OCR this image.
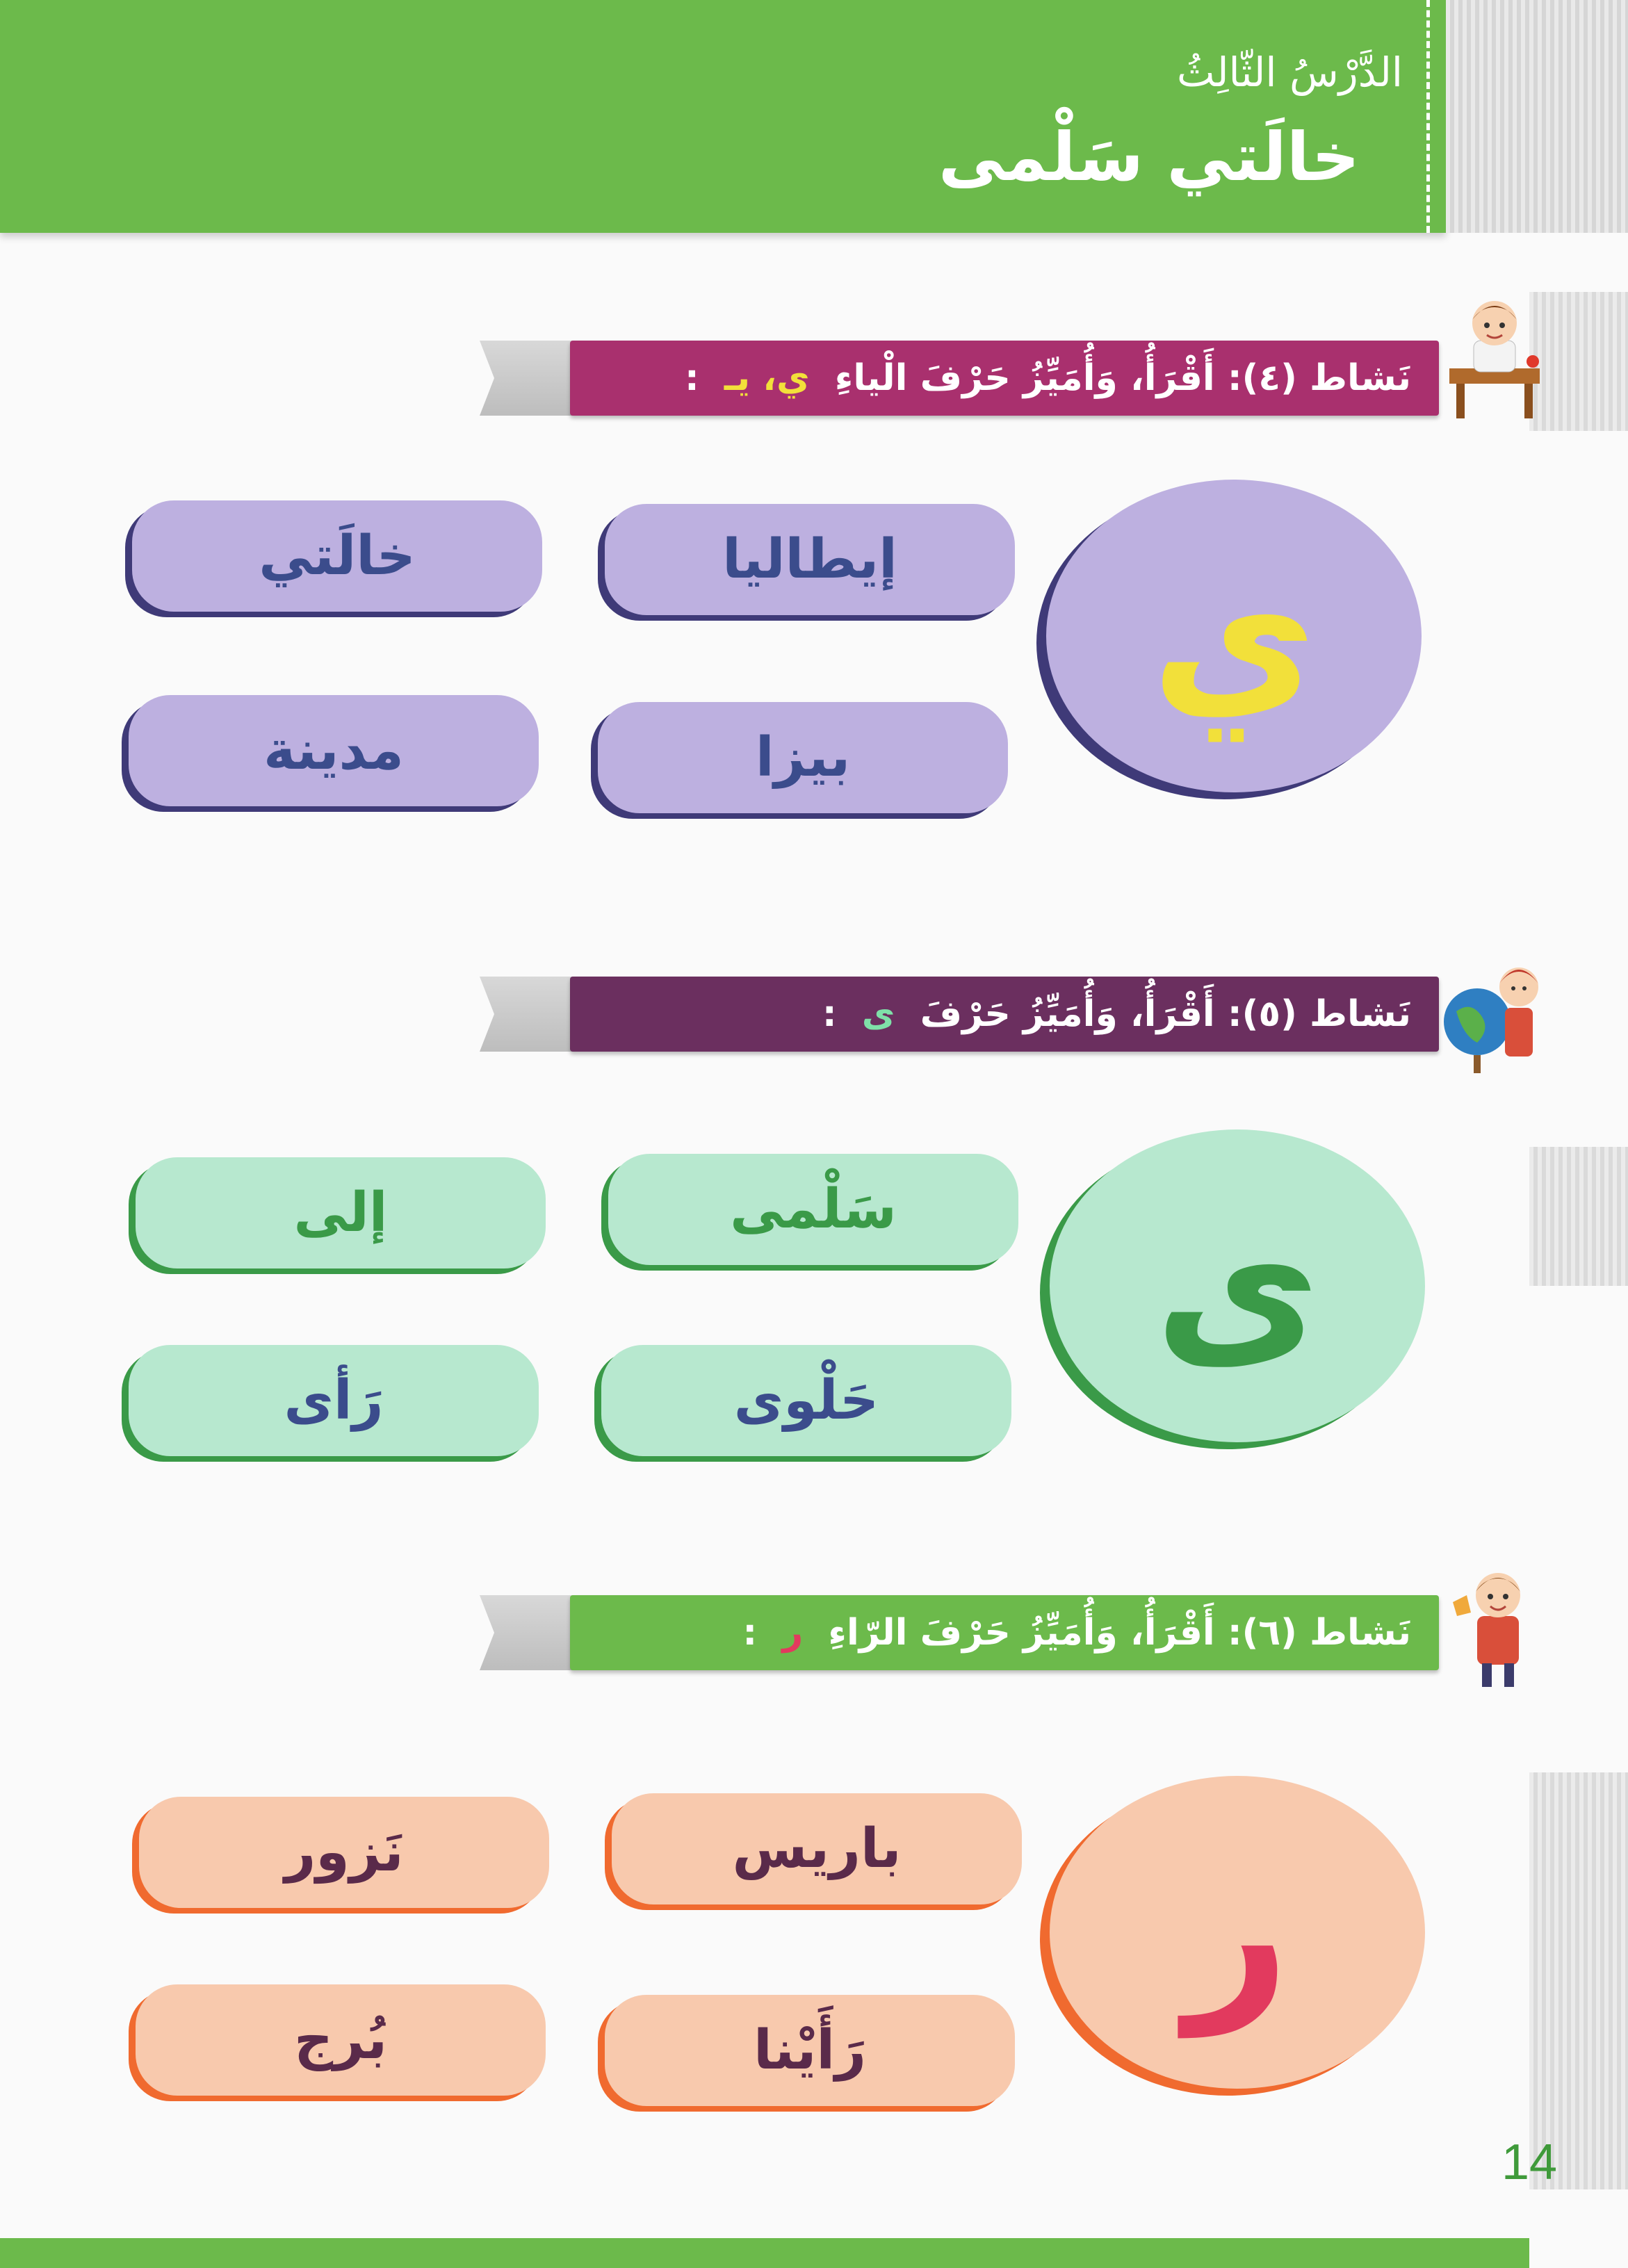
الدَّرْسُ الثّالِثُ
خالَتي سَلْمى
نَشاط (٤): أَقْرَأُ، وَأُمَيِّزُ حَرْفَ الْياءِ ي، يـ :
ي
إيطاليا
خالَتي
بيزا
مدينة
نَشاط (٥): أَقْرَأُ، وَأُمَيِّزُ حَرْفَ ى :
ى
سَلْمى
إلى
حَلْوى
رَأى
نَشاط (٦): أَقْرَأُ، وَأُمَيِّزُ حَرْفَ الرّاءِ ر :
ر
باريس
نَزور
رَأَيْنا
بُرج
14
